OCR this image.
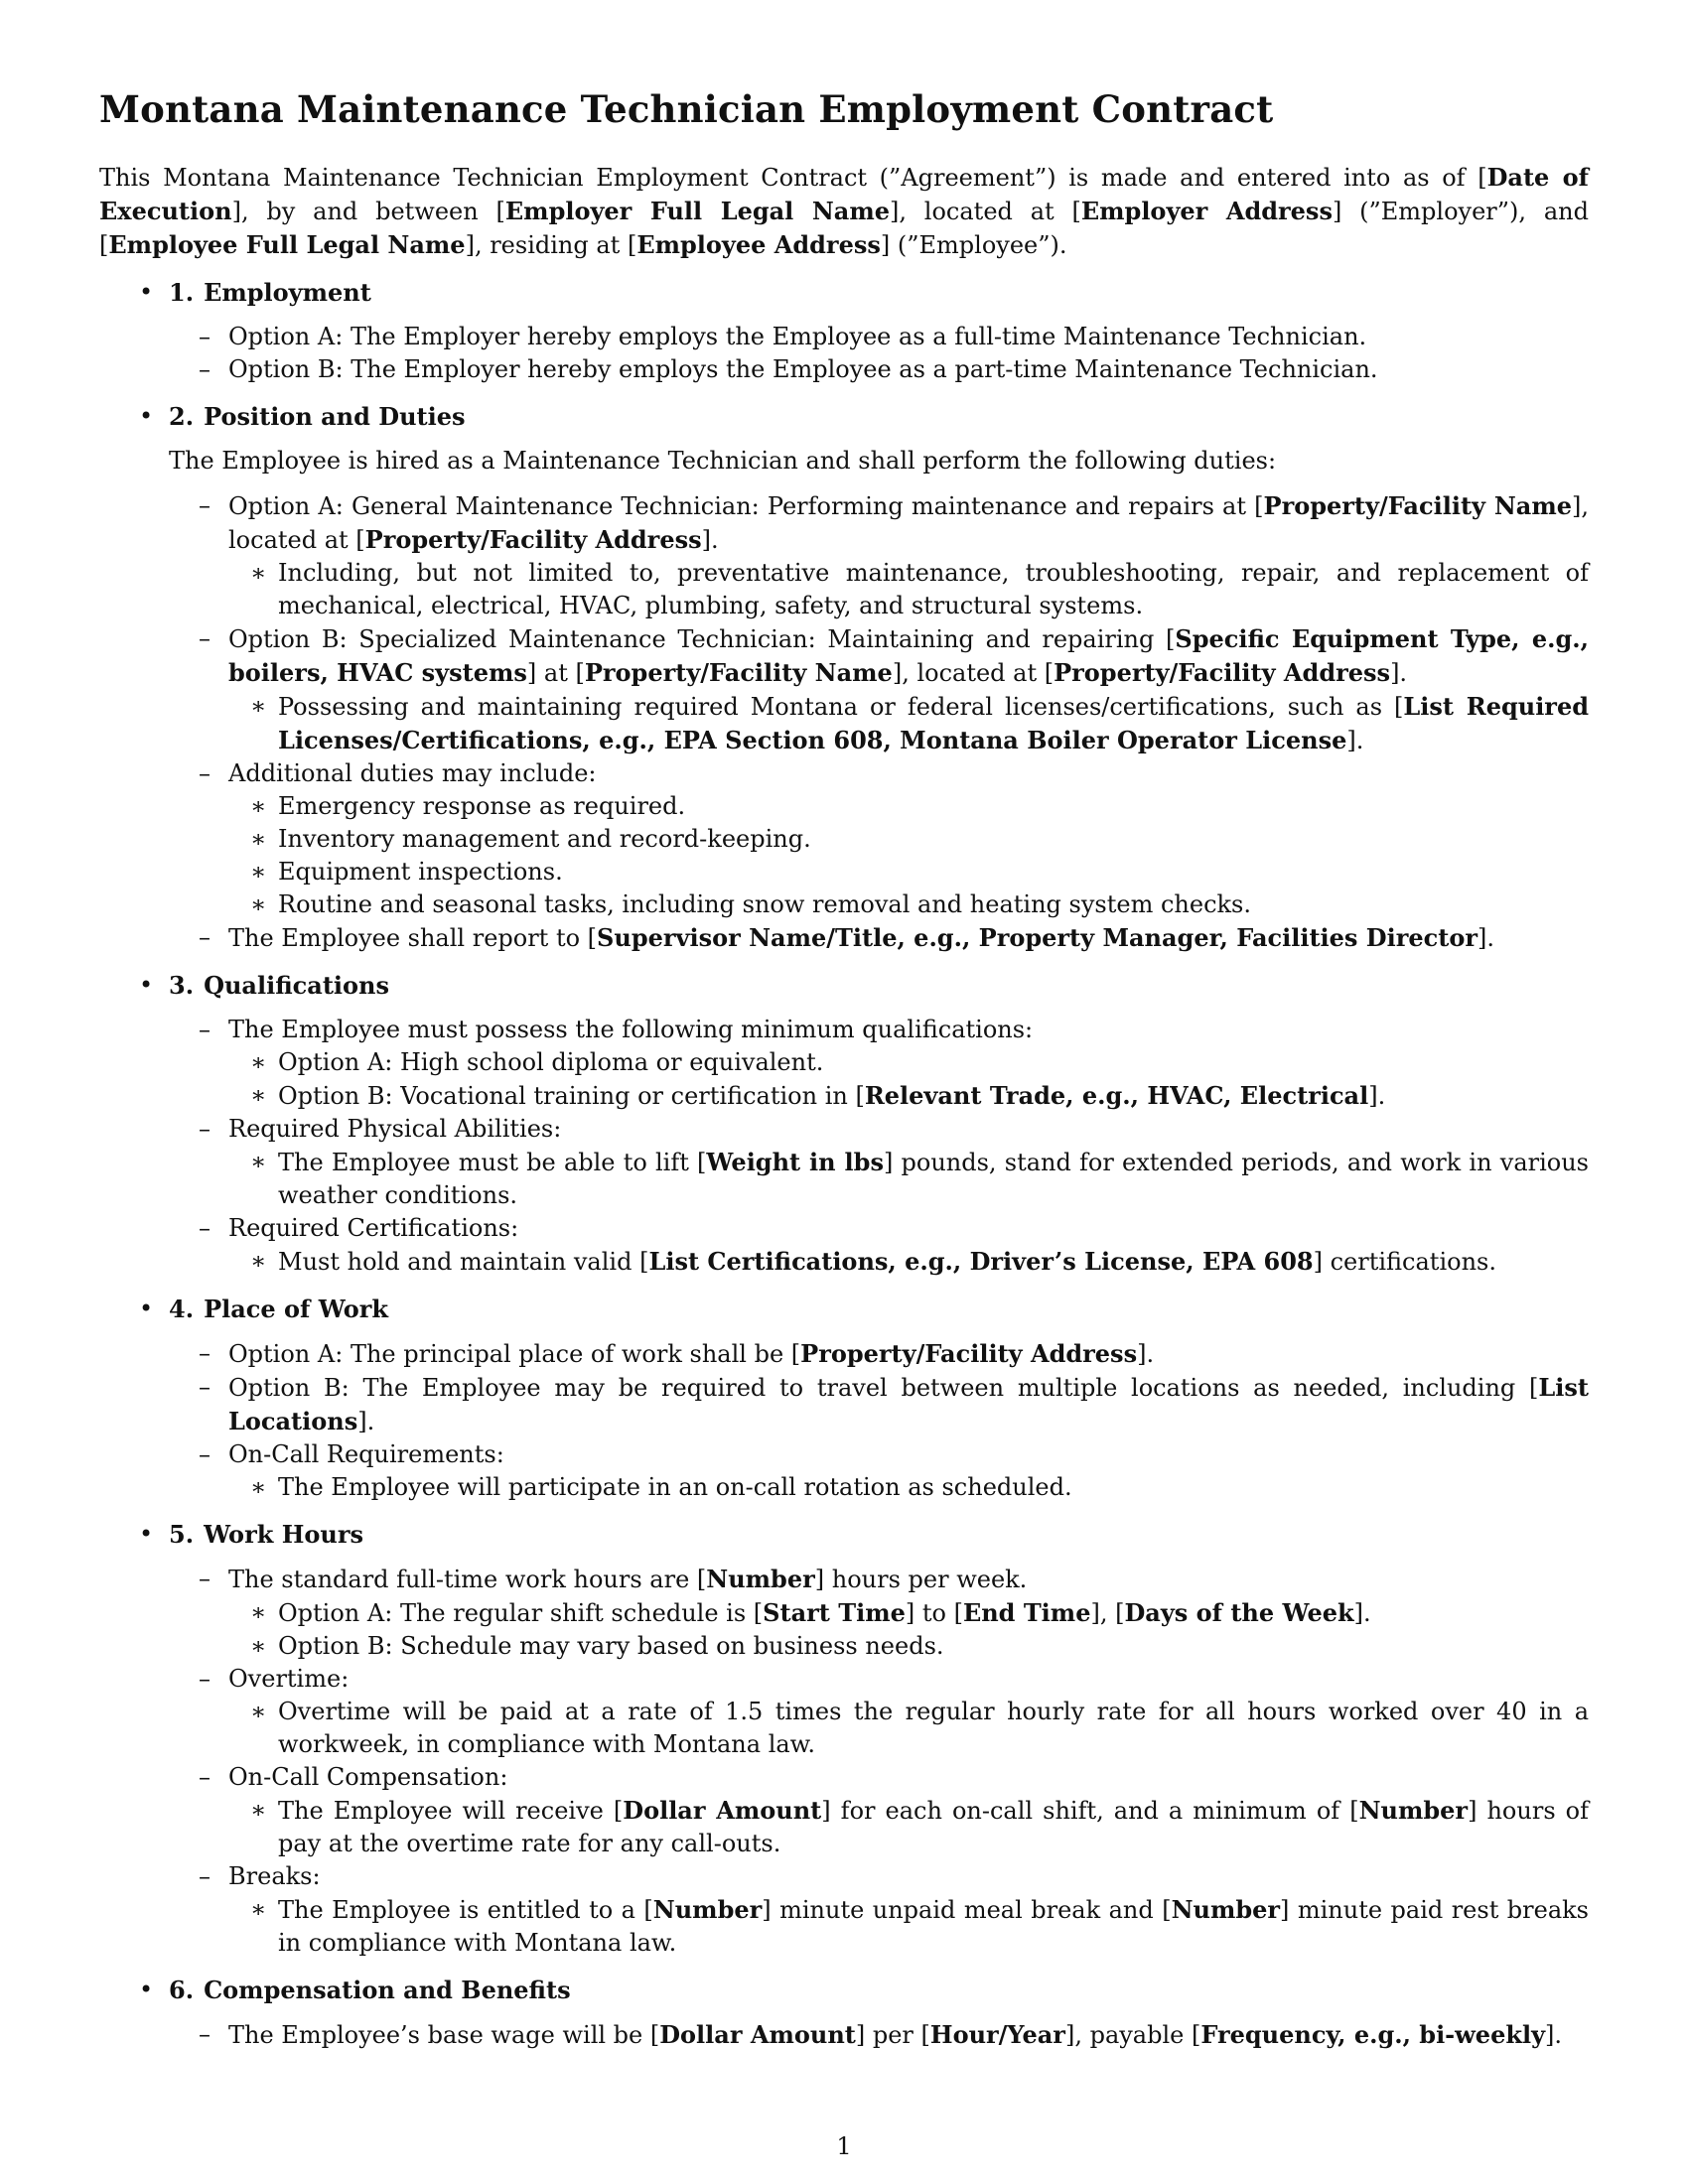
Montana Maintenance Technician Employment Contract

This Montana Maintenance Technician Employment Contract (”Agreement”) is made and entered into as of [Date of Execution], by and between [Employer Full Legal Name], located at [Employer Address] (”Employer”), and [Employee Full Legal Name], residing at [Employee Address] (”Employee”).

• 1. Employment
– Option A: The Employer hereby employs the Employee as a full-time Maintenance Technician.
– Option B: The Employer hereby employs the Employee as a part-time Maintenance Technician.
• 2. Position and Duties
The Employee is hired as a Maintenance Technician and shall perform the following duties:
– Option A: General Maintenance Technician: Performing maintenance and repairs at [Property/Facility Name], located at [Property/Facility Address].
∗ Including, but not limited to, preventative maintenance, troubleshooting, repair, and replacement of mechanical, electrical, HVAC, plumbing, safety, and structural systems.
– Option B: Specialized Maintenance Technician: Maintaining and repairing [Specific Equipment Type, e.g., boilers, HVAC systems] at [Property/Facility Name], located at [Property/Facility Address].
∗ Possessing and maintaining required Montana or federal licenses/certifications, such as [List Required Licenses/Certifications, e.g., EPA Section 608, Montana Boiler Operator License].
– Additional duties may include:
∗ Emergency response as required.
∗ Inventory management and record-keeping.
∗ Equipment inspections.
∗ Routine and seasonal tasks, including snow removal and heating system checks.
– The Employee shall report to [Supervisor Name/Title, e.g., Property Manager, Facilities Director].
• 3. Qualifications
– The Employee must possess the following minimum qualifications:
∗ Option A: High school diploma or equivalent.
∗ Option B: Vocational training or certification in [Relevant Trade, e.g., HVAC, Electrical].
– Required Physical Abilities:
∗ The Employee must be able to lift [Weight in lbs] pounds, stand for extended periods, and work in various weather conditions.
– Required Certifications:
∗ Must hold and maintain valid [List Certifications, e.g., Driver’s License, EPA 608] certifications.
• 4. Place of Work
– Option A: The principal place of work shall be [Property/Facility Address].
– Option B: The Employee may be required to travel between multiple locations as needed, including [List Locations].
– On-Call Requirements:
∗ The Employee will participate in an on-call rotation as scheduled.
• 5. Work Hours
– The standard full-time work hours are [Number] hours per week.
∗ Option A: The regular shift schedule is [Start Time] to [End Time], [Days of the Week].
∗ Option B: Schedule may vary based on business needs.
– Overtime:
∗ Overtime will be paid at a rate of 1.5 times the regular hourly rate for all hours worked over 40 in a workweek, in compliance with Montana law.
– On-Call Compensation:
∗ The Employee will receive [Dollar Amount] for each on-call shift, and a minimum of [Number] hours of pay at the overtime rate for any call-outs.
– Breaks:
∗ The Employee is entitled to a [Number] minute unpaid meal break and [Number] minute paid rest breaks in compliance with Montana law.
• 6. Compensation and Benefits
– The Employee’s base wage will be [Dollar Amount] per [Hour/Year], payable [Frequency, e.g., bi-weekly].
1
